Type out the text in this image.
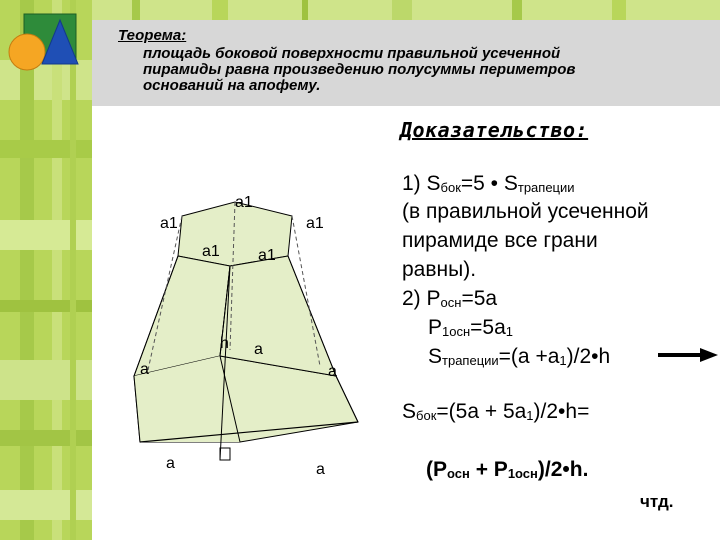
Теорема:
площадь боковой поверхности правильной усеченной
пирамиды равна произведению полусуммы периметров
оснований на апофему.
Доказательство:
1) $S_{бок}=5$ • $S_{трапеции}$
(в правильной усеченной
пирамиде все грани
равны).
2) $P_{осн}=5a$
$P_{1осн}=5a_1$
$S_{трапеции}=(a$ $+a_1)/2•h$
$S_{бок}=(5a$ + $5a_1)/2•h=$
($P_{осн}$ + $P_{1осн})/2•h$.
чтд.
a1
a1	a1
a1 a1
h a
a	a
a	a
